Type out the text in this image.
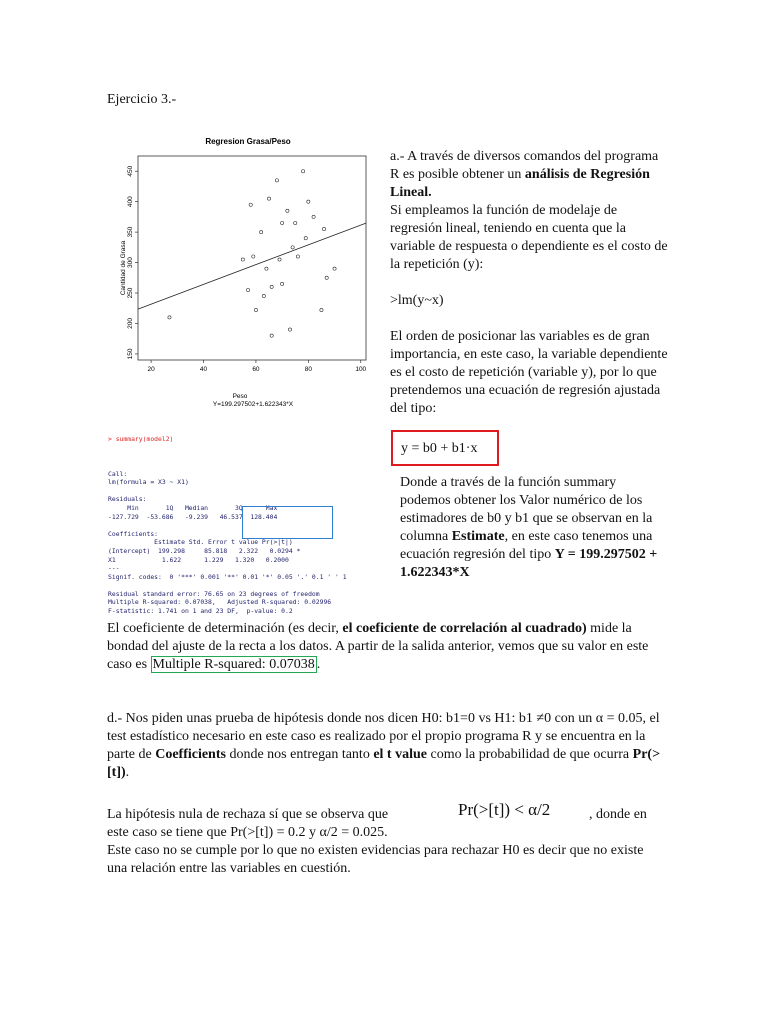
Ejercicio 3.-
Regresion Grasa/Peso
Peso
Y=199.297502+1.622343*X
Cantidad de Grasa
20	40	60	80	100
150
200
250
300
350
400
450

> summary(model2)

Call:
lm(formula = X3 ~ X1)

Residuals:
Min       1Q   Median       3Q      Max
-127.729  -53.686   -9.239   46.537  128.404

Coefficients:
Estimate Std. Error t value Pr(>|t|)
(Intercept)  199.298     85.818   2.322   0.0294 *
X1            1.622      1.229   1.320   0.2000
---
Signif. codes:  0 '***' 0.001 '**' 0.01 '*' 0.05 '.' 0.1 ' ' 1

Residual standard error: 76.65 on 23 degrees of freedom
Multiple R-squared: 0.07038,   Adjusted R-squared: 0.02996
F-statistic: 1.741 on 1 and 23 DF,  p-value: 0.2

a.- A través de diversos comandos del programa R es posible obtener un análisis de Regresión Lineal.
Si empleamos la función de modelaje de regresión lineal, teniendo en cuenta que la variable de respuesta o dependiente es el costo de la repetición (y):
>lm(y~x)
El orden de posicionar las variables es de gran importancia, en este caso, la variable dependiente es el costo de repetición (variable y), por lo que pretendemos una ecuación de regresión ajustada del tipo:
y = b0 + b1·x
Donde a través de la función summary podemos obtener los Valor numérico de los estimadores de b0 y b1 que se observan en la columna Estimate, en este caso tenemos una ecuación regresión del tipo Y = 199.297502 + 1.622343*X
El coeficiente de determinación (es decir, el coeficiente de correlación al cuadrado) mide la bondad del ajuste de la recta a los datos. A partir de la salida anterior, vemos que su valor en este caso es Multiple R-squared: 0.07038 .
d.- Nos piden unas prueba de hipótesis donde nos dicen H0: b1=0 vs H1: b1 ≠0 con un α = 0.05, el test estadístico necesario en este caso es realizado por el propio programa R y se encuentra en la parte de Coefficients donde nos entregan tanto el t value como la probabilidad de que ocurra Pr(>[t]).
La hipótesis nula de rechaza sí que se observa que	Pr(>[t]) < α/2	, donde en
este caso se tiene que Pr(>[t]) = 0.2 y α/2 = 0.025.
Este caso no se cumple por lo que no existen evidencias para rechazar H0 es decir que no existe una relación entre las variables en cuestión.
